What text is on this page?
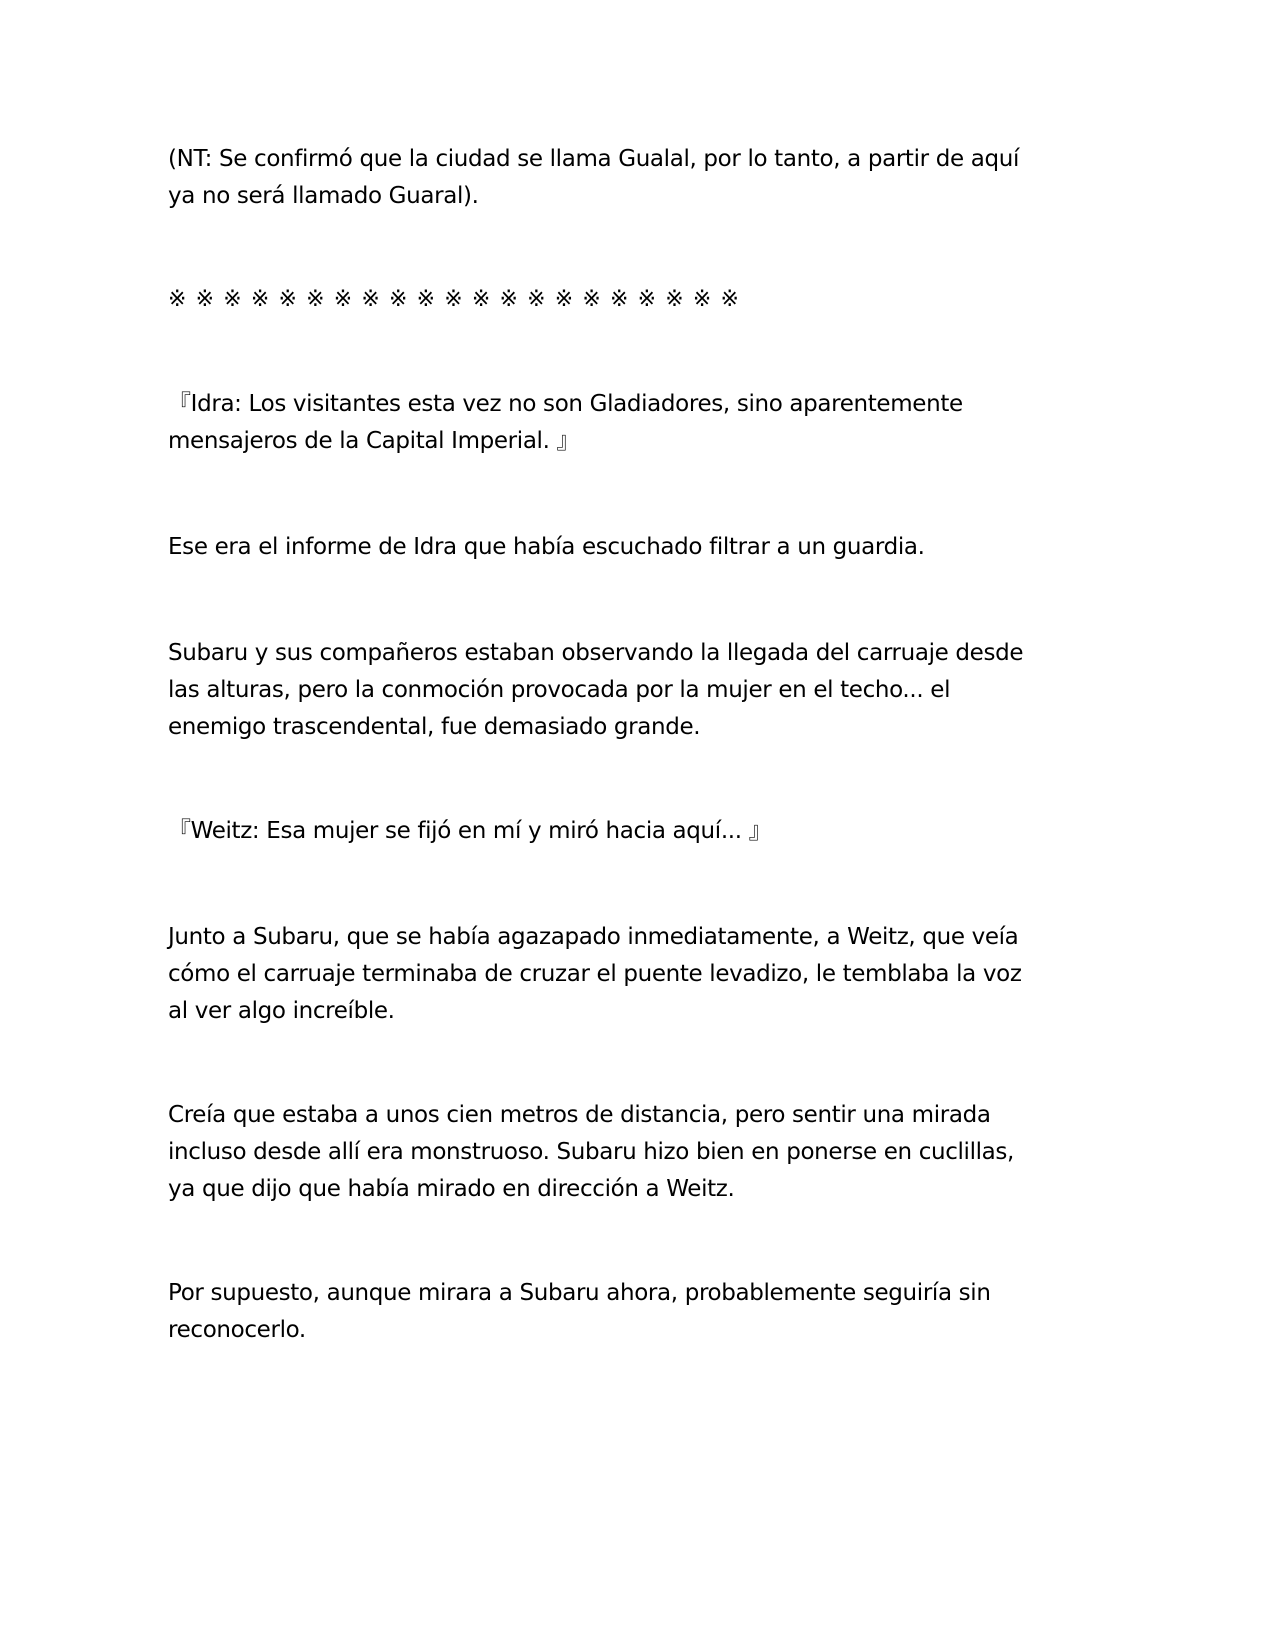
(NT: Se confirmó que la ciudad se llama Gualal, por lo tanto, a partir de aquí
ya no será llamado Guaral).

※ ※ ※ ※ ※ ※ ※ ※ ※ ※ ※ ※ ※ ※ ※ ※ ※ ※ ※ ※ ※

『Idra: Los visitantes esta vez no son Gladiadores, sino aparentemente
mensajeros de la Capital Imperial. 』

Ese era el informe de Idra que había escuchado filtrar a un guardia.

Subaru y sus compañeros estaban observando la llegada del carruaje desde
las alturas, pero la conmoción provocada por la mujer en el techo... el
enemigo trascendental, fue demasiado grande.

『Weitz: Esa mujer se fijó en mí y miró hacia aquí... 』

Junto a Subaru, que se había agazapado inmediatamente, a Weitz, que veía
cómo el carruaje terminaba de cruzar el puente levadizo, le temblaba la voz
al ver algo increíble.

Creía que estaba a unos cien metros de distancia, pero sentir una mirada
incluso desde allí era monstruoso. Subaru hizo bien en ponerse en cuclillas,
ya que dijo que había mirado en dirección a Weitz.

Por supuesto, aunque mirara a Subaru ahora, probablemente seguiría sin
reconocerlo.
